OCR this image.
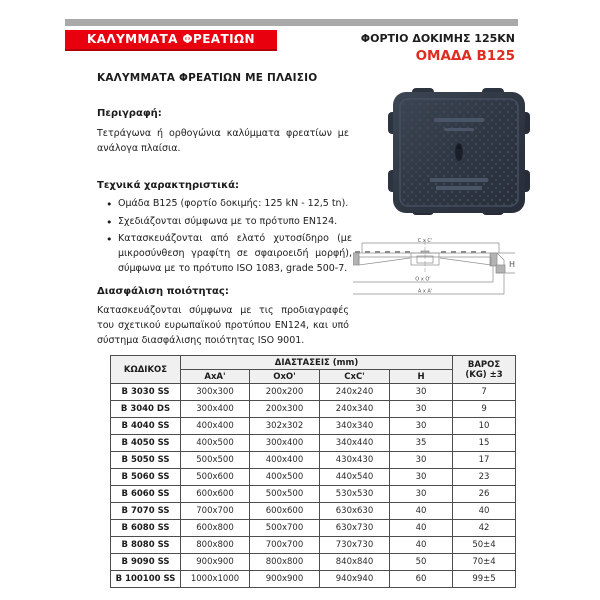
ΚΑΛΥΜΜΑΤΑ ΦΡΕΑΤΙΩΝ	ΦΟΡΤΙΟ ΔΟΚΙΜΗΣ 125KN
ΟΜΑΔΑ B125
ΚΑΛΥΜΜΑΤΑ ΦΡΕΑΤΙΩΝ ΜΕ ΠΛΑΙΣΙΟ
Περιγραφή:

Τετράγωνα ή ορθογώνια καλύμματα φρεατίων με ανάλογα πλαίσια.

Τεχνικά χαρακτηριστικά:
• Ομάδα B125 (φορτίο δοκιμής: 125 kN - 12,5 tn).
• Σχεδιάζονται σύμφωνα με το πρότυπο EN124.
• Κατασκευάζονται από ελατό χυτοσίδηρο (με μικροσύνθεση γραφίτη σε σφαιροειδή μορφή), σύμφωνα με το πρότυπο ISO 1083, grade 500-7.
Διασφάλιση ποιότητας:

Κατασκευάζονται σύμφωνα με τις προδιαγραφές του σχετικού ευρωπαϊκού προτύπου EN124, και υπό σύστημα διασφάλισης ποιότητας ISO 9001.

C x C'
O x O'
A x A'
H
ΚΩΔΙΚΟΣ	ΔΙΑΣΤΑΣΕΙΣ (mm)				ΒΑΡΟΣ
(KG) ±3
	ΑxΑ'	ΟxΟ'	CxC'	H	
B 3030 SS	300x300	200x200	240x240	30	7
B 3040 DS	300x400	200x300	240x340	30	9
B 4040 SS	400x400	302x302	340x340	30	10
B 4050 SS	400x500	300x400	340x440	35	15
B 5050 SS	500x500	400x400	430x430	30	17
B 5060 SS	500x600	400x500	440x540	30	23
B 6060 SS	600x600	500x500	530x530	30	26
B 7070 SS	700x700	600x600	630x630	40	40
B 6080 SS	600x800	500x700	630x730	40	42
B 8080 SS	800x800	700x700	730x730	40	50±4
B 9090 SS	900x900	800x800	840x840	50	70±4
B 100100 SS	1000x1000	900x900	940x940	60	99±5
